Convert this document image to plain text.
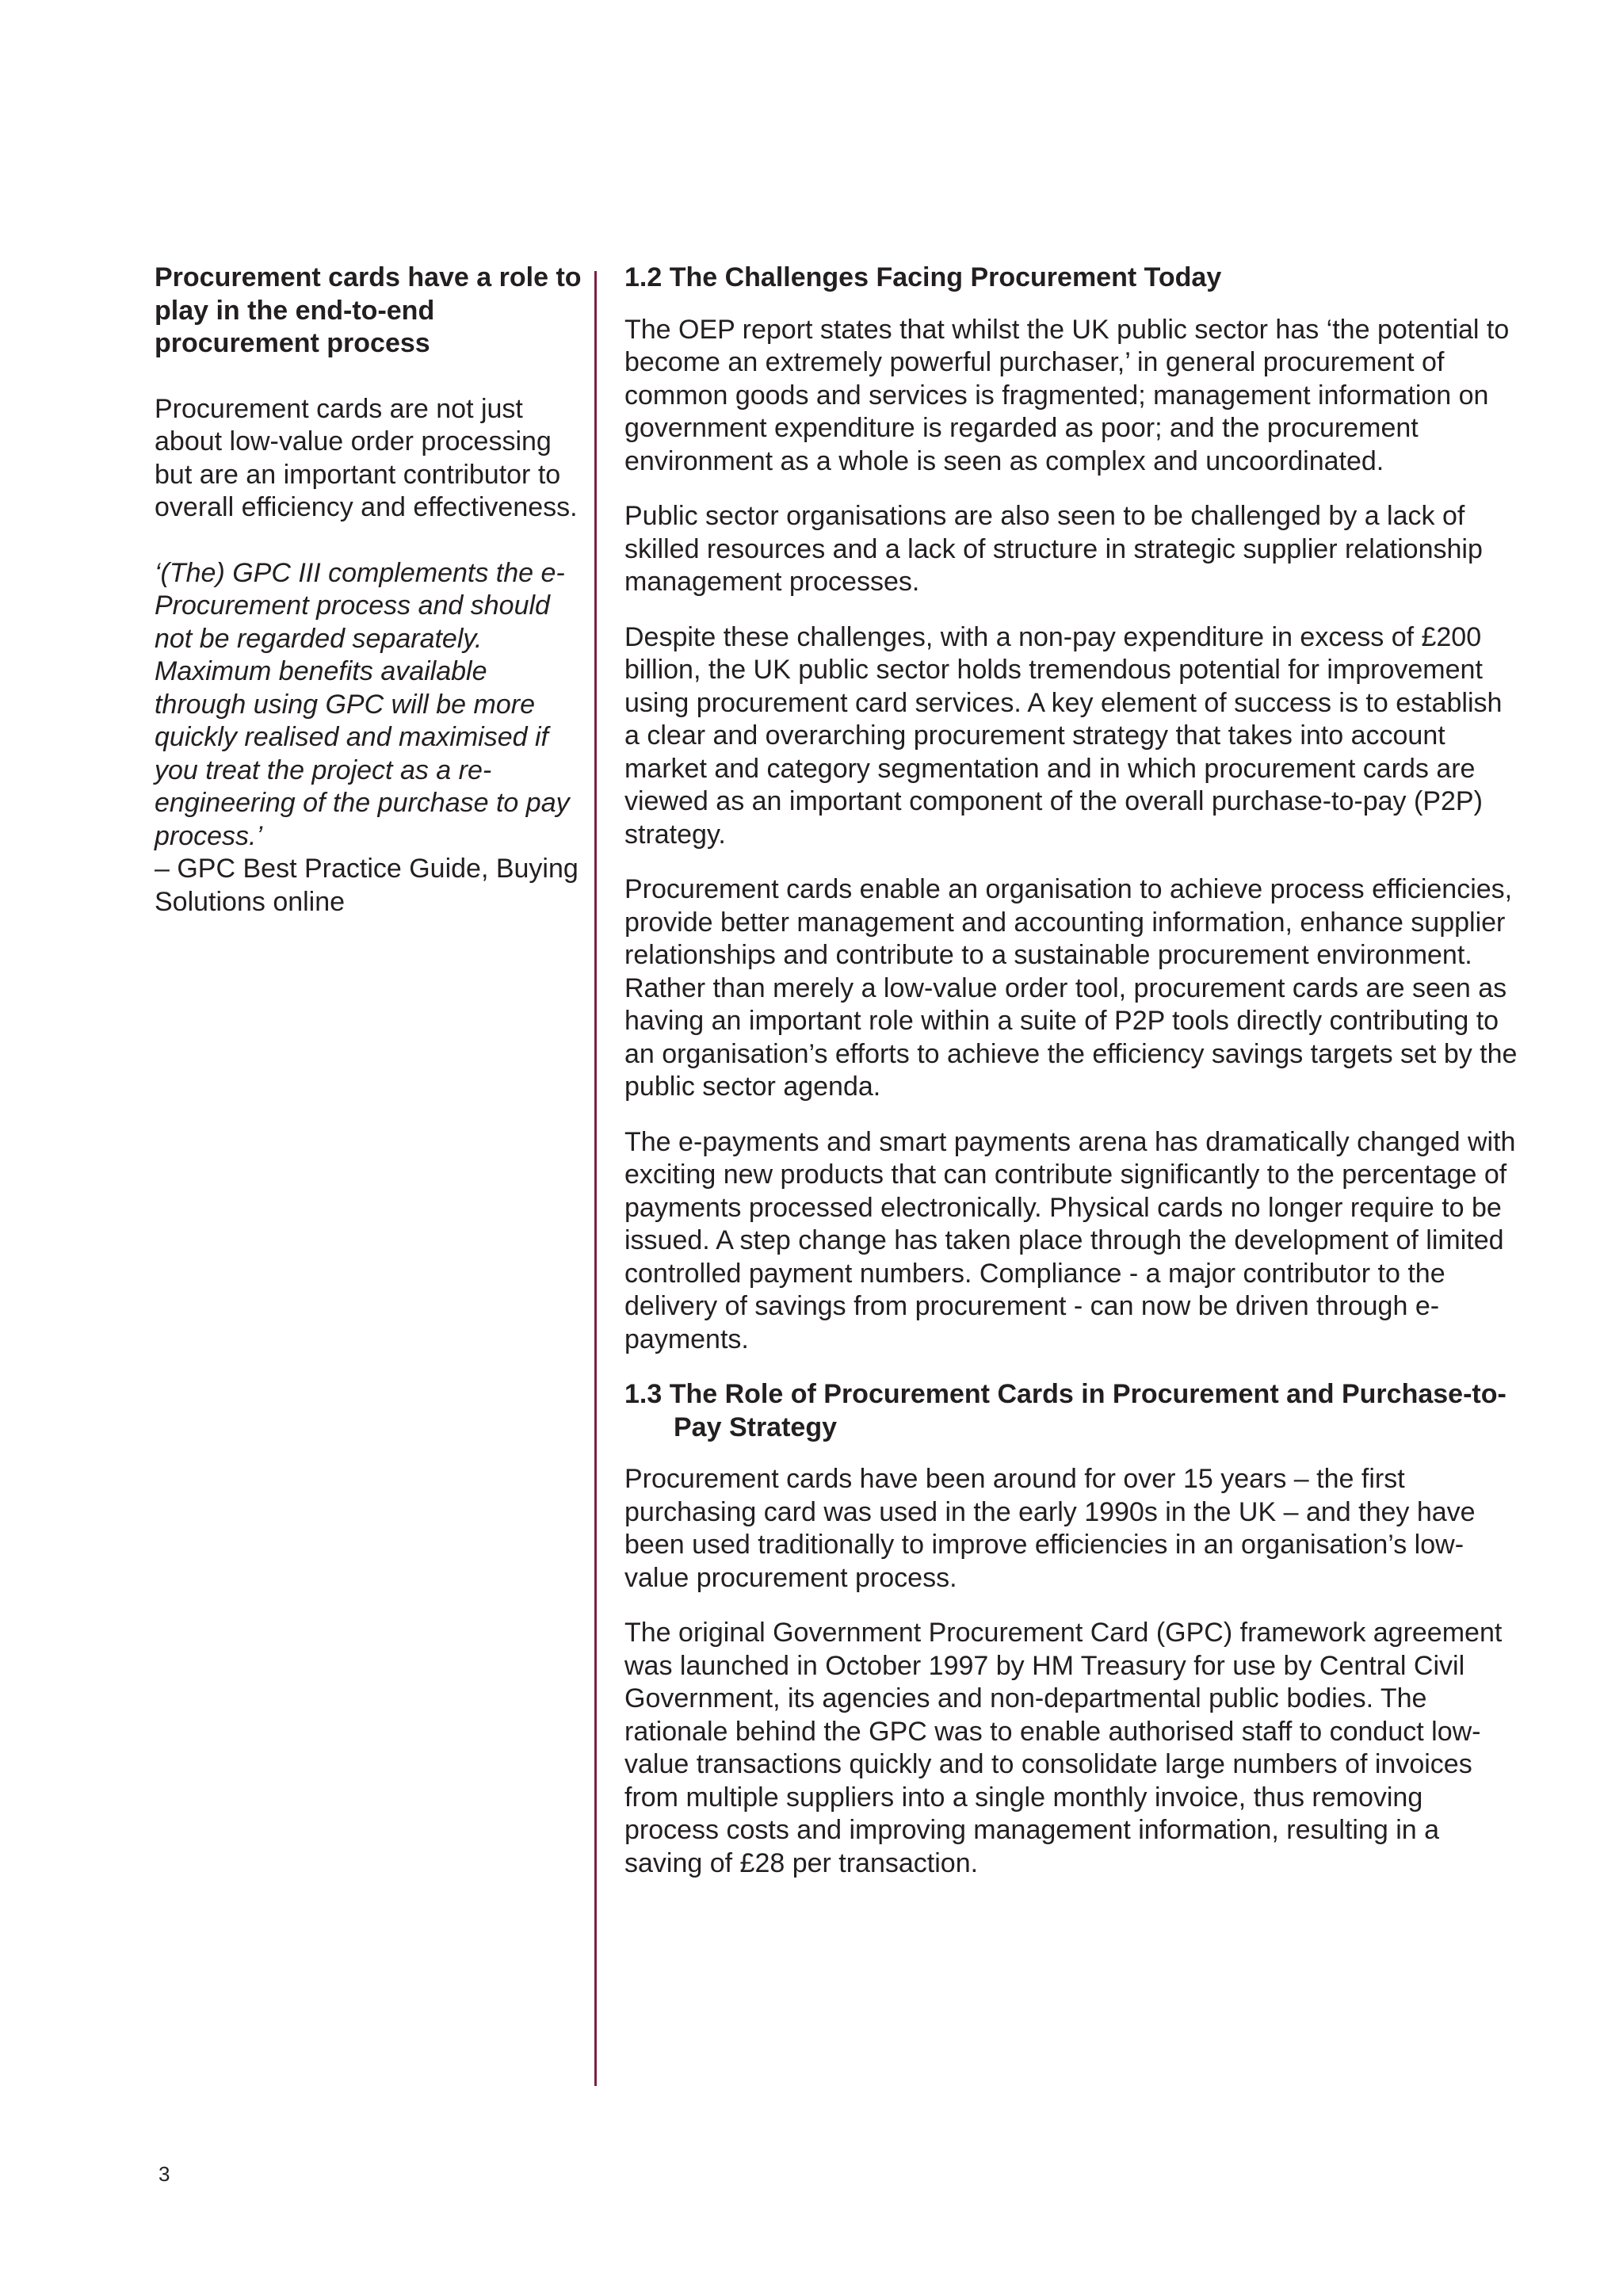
Procurement cards have a role to play in the end-to-end procurement process

Procurement cards are not just about low-value order processing but are an important contributor to overall efficiency and effectiveness.

‘(The) GPC III complements the e-Procurement process and should not be regarded separately. Maximum benefits available through using GPC will be more quickly realised and maximised if you treat the project as a re-engineering of the purchase to pay process.’
– GPC Best Practice Guide, Buying Solutions online

1.2 The Challenges Facing Procurement Today

The OEP report states that whilst the UK public sector has ‘the potential to become an extremely powerful purchaser,’ in general procurement of common goods and services is fragmented; management information on government expenditure is regarded as poor; and the procurement environment as a whole is seen as complex and uncoordinated.

Public sector organisations are also seen to be challenged by a lack of skilled resources and a lack of structure in strategic supplier relationship management processes.

Despite these challenges, with a non-pay expenditure in excess of £200 billion, the UK public sector holds tremendous potential for improvement using procurement card services. A key element of success is to establish a clear and overarching procurement strategy that takes into account market and category segmentation and in which procurement cards are viewed as an important component of the overall purchase-to-pay (P2P) strategy.

Procurement cards enable an organisation to achieve process efficiencies, provide better management and accounting information, enhance supplier relationships and contribute to a sustainable procurement environment. Rather than merely a low-value order tool, procurement cards are seen as having an important role within a suite of P2P tools directly contributing to an organisation’s efforts to achieve the efficiency savings targets set by the public sector agenda.

The e-payments and smart payments arena has dramatically changed with exciting new products that can contribute significantly to the percentage of payments processed electronically. Physical cards no longer require to be issued. A step change has taken place through the development of limited controlled payment numbers. Compliance - a major contributor to the delivery of savings from procurement - can now be driven through e-payments.

1.3 The Role of Procurement Cards in Procurement and Purchase-to-Pay Strategy

Procurement cards have been around for over 15 years – the first purchasing card was used in the early 1990s in the UK – and they have been used traditionally to improve efficiencies in an organisation’s low-value procurement process.

The original Government Procurement Card (GPC) framework agreement was launched in October 1997 by HM Treasury for use by Central Civil Government, its agencies and non-departmental public bodies. The rationale behind the GPC was to enable authorised staff to conduct low-value transactions quickly and to consolidate large numbers of invoices from multiple suppliers into a single monthly invoice, thus removing process costs and improving management information, resulting in a saving of £28 per transaction.

3
